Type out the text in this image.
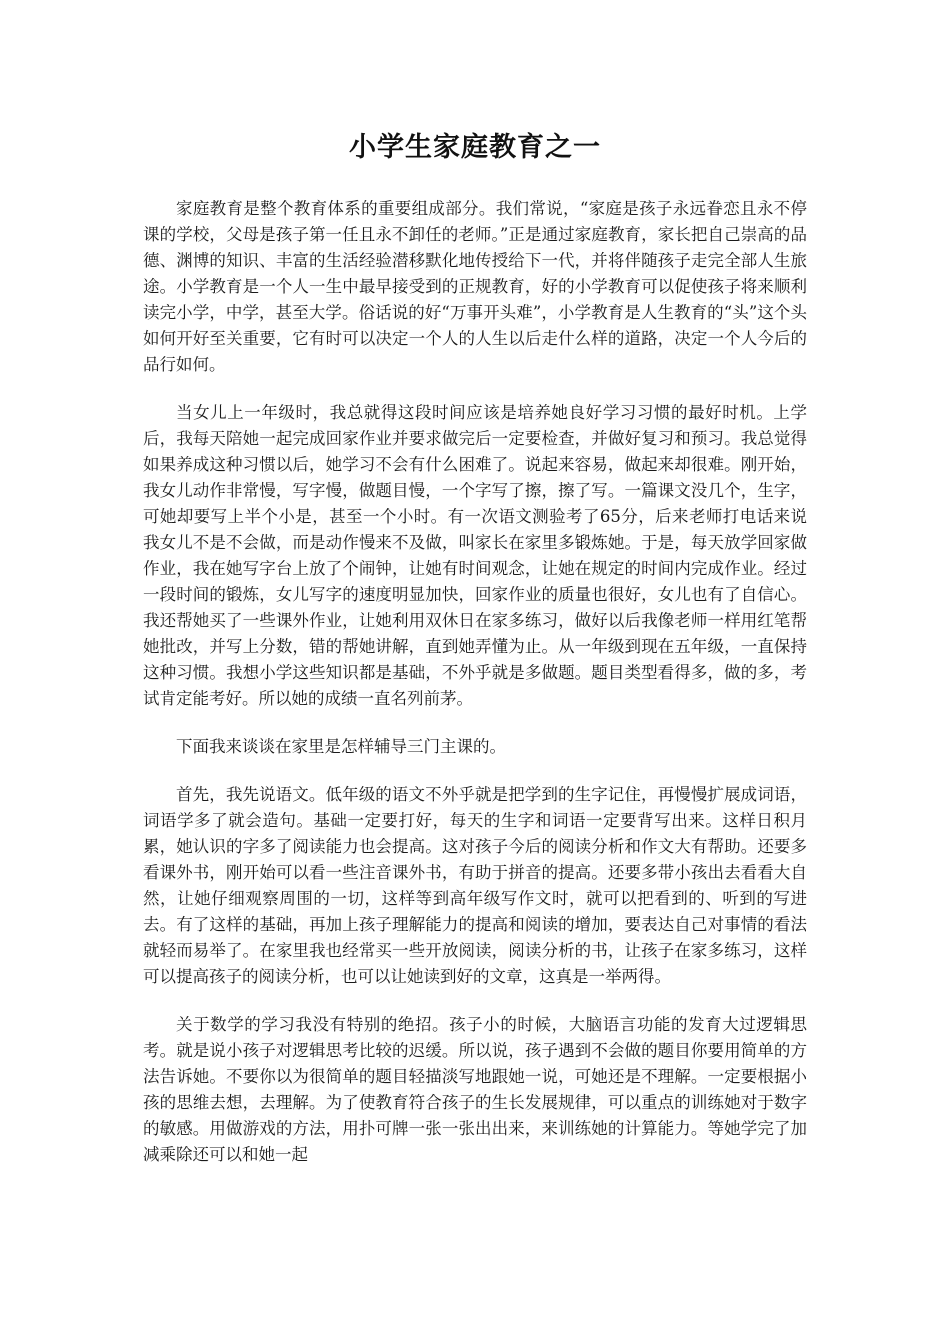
小学生家庭教育之一

家庭教育是整个教育体系的重要组成部分。我们常说，“家庭是孩子永远眷恋且永不停课的学校，父母是孩子第一任且永不卸任的老师。”正是通过家庭教育，家长把自己崇高的品德、渊博的知识、丰富的生活经验潜移默化地传授给下一代，并将伴随孩子走完全部人生旅途。小学教育是一个人一生中最早接受到的正规教育，好的小学教育可以促使孩子将来顺利读完小学，中学，甚至大学。俗话说的好“万事开头难”，小学教育是人生教育的“头”这个头如何开好至关重要，它有时可以决定一个人的人生以后走什么样的道路，决定一个人今后的品行如何。

当女儿上一年级时，我总就得这段时间应该是培养她良好学习习惯的最好时机。上学后，我每天陪她一起完成回家作业并要求做完后一定要检查，并做好复习和预习。我总觉得如果养成这种习惯以后，她学习不会有什么困难了。说起来容易，做起来却很难。刚开始，我女儿动作非常慢，写字慢，做题目慢，一个字写了擦，擦了写。一篇课文没几个，生字，可她却要写上半个小是，甚至一个小时。有一次语文测验考了65分，后来老师打电话来说我女儿不是不会做，而是动作慢来不及做，叫家长在家里多锻炼她。于是，每天放学回家做作业，我在她写字台上放了个闹钟，让她有时间观念，让她在规定的时间内完成作业。经过一段时间的锻炼，女儿写字的速度明显加快，回家作业的质量也很好，女儿也有了自信心。我还帮她买了一些课外作业，让她利用双休日在家多练习，做好以后我像老师一样用红笔帮她批改，并写上分数，错的帮她讲解，直到她弄懂为止。从一年级到现在五年级，一直保持这种习惯。我想小学这些知识都是基础，不外乎就是多做题。题目类型看得多，做的多，考试肯定能考好。所以她的成绩一直名列前茅。

下面我来谈谈在家里是怎样辅导三门主课的。

首先，我先说语文。低年级的语文不外乎就是把学到的生字记住，再慢慢扩展成词语，词语学多了就会造句。基础一定要打好，每天的生字和词语一定要背写出来。这样日积月累，她认识的字多了阅读能力也会提高。这对孩子今后的阅读分析和作文大有帮助。还要多看课外书，刚开始可以看一些注音课外书，有助于拼音的提高。还要多带小孩出去看看大自然，让她仔细观察周围的一切，这样等到高年级写作文时，就可以把看到的、听到的写进去。有了这样的基础，再加上孩子理解能力的提高和阅读的增加，要表达自己对事情的看法就轻而易举了。在家里我也经常买一些开放阅读，阅读分析的书，让孩子在家多练习，这样可以提高孩子的阅读分析，也可以让她读到好的文章，这真是一举两得。

关于数学的学习我没有特别的绝招。孩子小的时候，大脑语言功能的发育大过逻辑思考。就是说小孩子对逻辑思考比较的迟缓。所以说，孩子遇到不会做的题目你要用简单的方法告诉她。不要你以为很简单的题目轻描淡写地跟她一说，可她还是不理解。一定要根据小孩的思维去想，去理解。为了使教育符合孩子的生长发展规律，可以重点的训练她对于数字的敏感。用做游戏的方法，用扑可牌一张一张出出来，来训练她的计算能力。等她学完了加减乘除还可以和她一起
